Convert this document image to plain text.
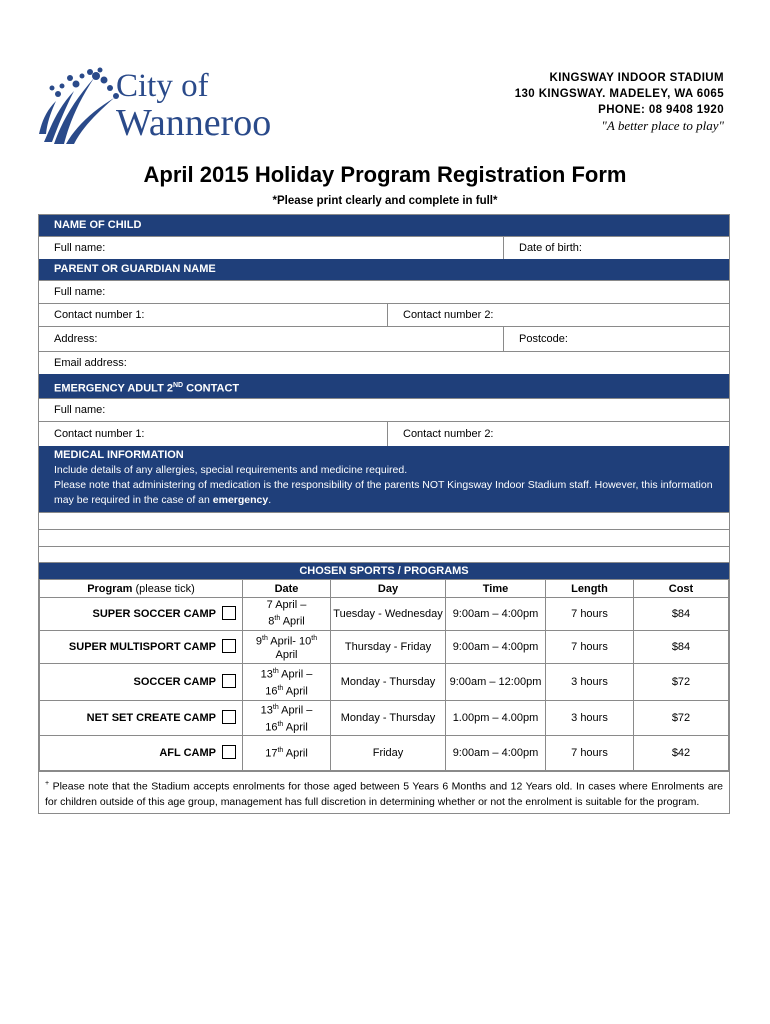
City of
Wanneroo
KINGSWAY INDOOR STADIUM
130 KINGSWAY. MADELEY, WA 6065
PHONE: 08 9408 1920
"A better place to play"
April 2015 Holiday Program Registration Form
*Please print clearly and complete in full*
NAME OF CHILD
Full name:	Date of birth:
PARENT OR GUARDIAN NAME
Full name:
Contact number 1:	Contact number 2:
Address:	Postcode:
Email address:
EMERGENCY ADULT 2ND CONTACT
Full name:
Contact number 1:	Contact number 2:
MEDICAL INFORMATION
Include details of any allergies, special requirements and medicine required.
Please note that administering of medication is the responsibility of the parents NOT Kingsway Indoor Stadium staff. However, this information may be required in the case of an emergency.
CHOSEN SPORTS / PROGRAMS
Program (please tick)	Date	Day	Time	Length	Cost
SUPER SOCCER CAMP	7 April –
8th April	Tuesday - Wednesday	9:00am – 4:00pm	7 hours	$84
SUPER MULTISPORT CAMP	9th April- 10th
April	Thursday - Friday	9:00am – 4:00pm	7 hours	$84
SOCCER CAMP	13th April –
16th April	Monday - Thursday	9:00am – 12:00pm	3 hours	$72
NET SET CREATE CAMP	13th April –
16th April	Monday - Thursday	1.00pm – 4.00pm	3 hours	$72
AFL CAMP	17th April	Friday	9:00am – 4:00pm	7 hours	$42
+ Please note that the Stadium accepts enrolments for those aged between 5 Years 6 Months and 12 Years old. In cases where Enrolments are for children outside of this age group, management has full discretion in determining whether or not the enrolment is suitable for the program.
